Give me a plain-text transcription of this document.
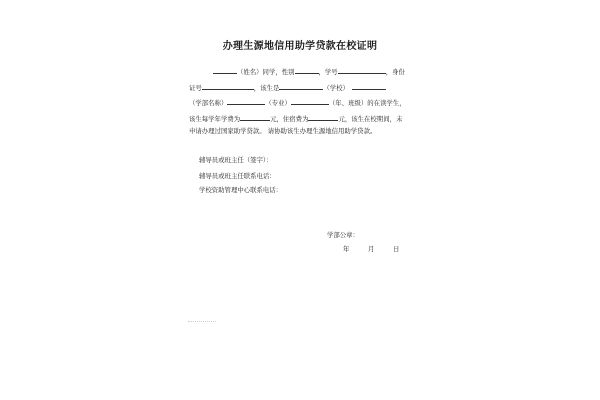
办理生源地信用助学贷款在校证明
（姓名）同学，性别	，学号	，身份
证号	，该生是	（学校）
（学部名称）	（专业）	（年、班级）的在读学生，
该生每学年学费为	元，住宿费为	元，该生在校期间，未
申请办理过国家助学贷款。 请协助该生办理生源地信用助学贷款。
辅导员或班主任（签字）：
辅导员或班主任联系电话：
学校资助管理中心联系电话：
学部公章：
年	月	日
